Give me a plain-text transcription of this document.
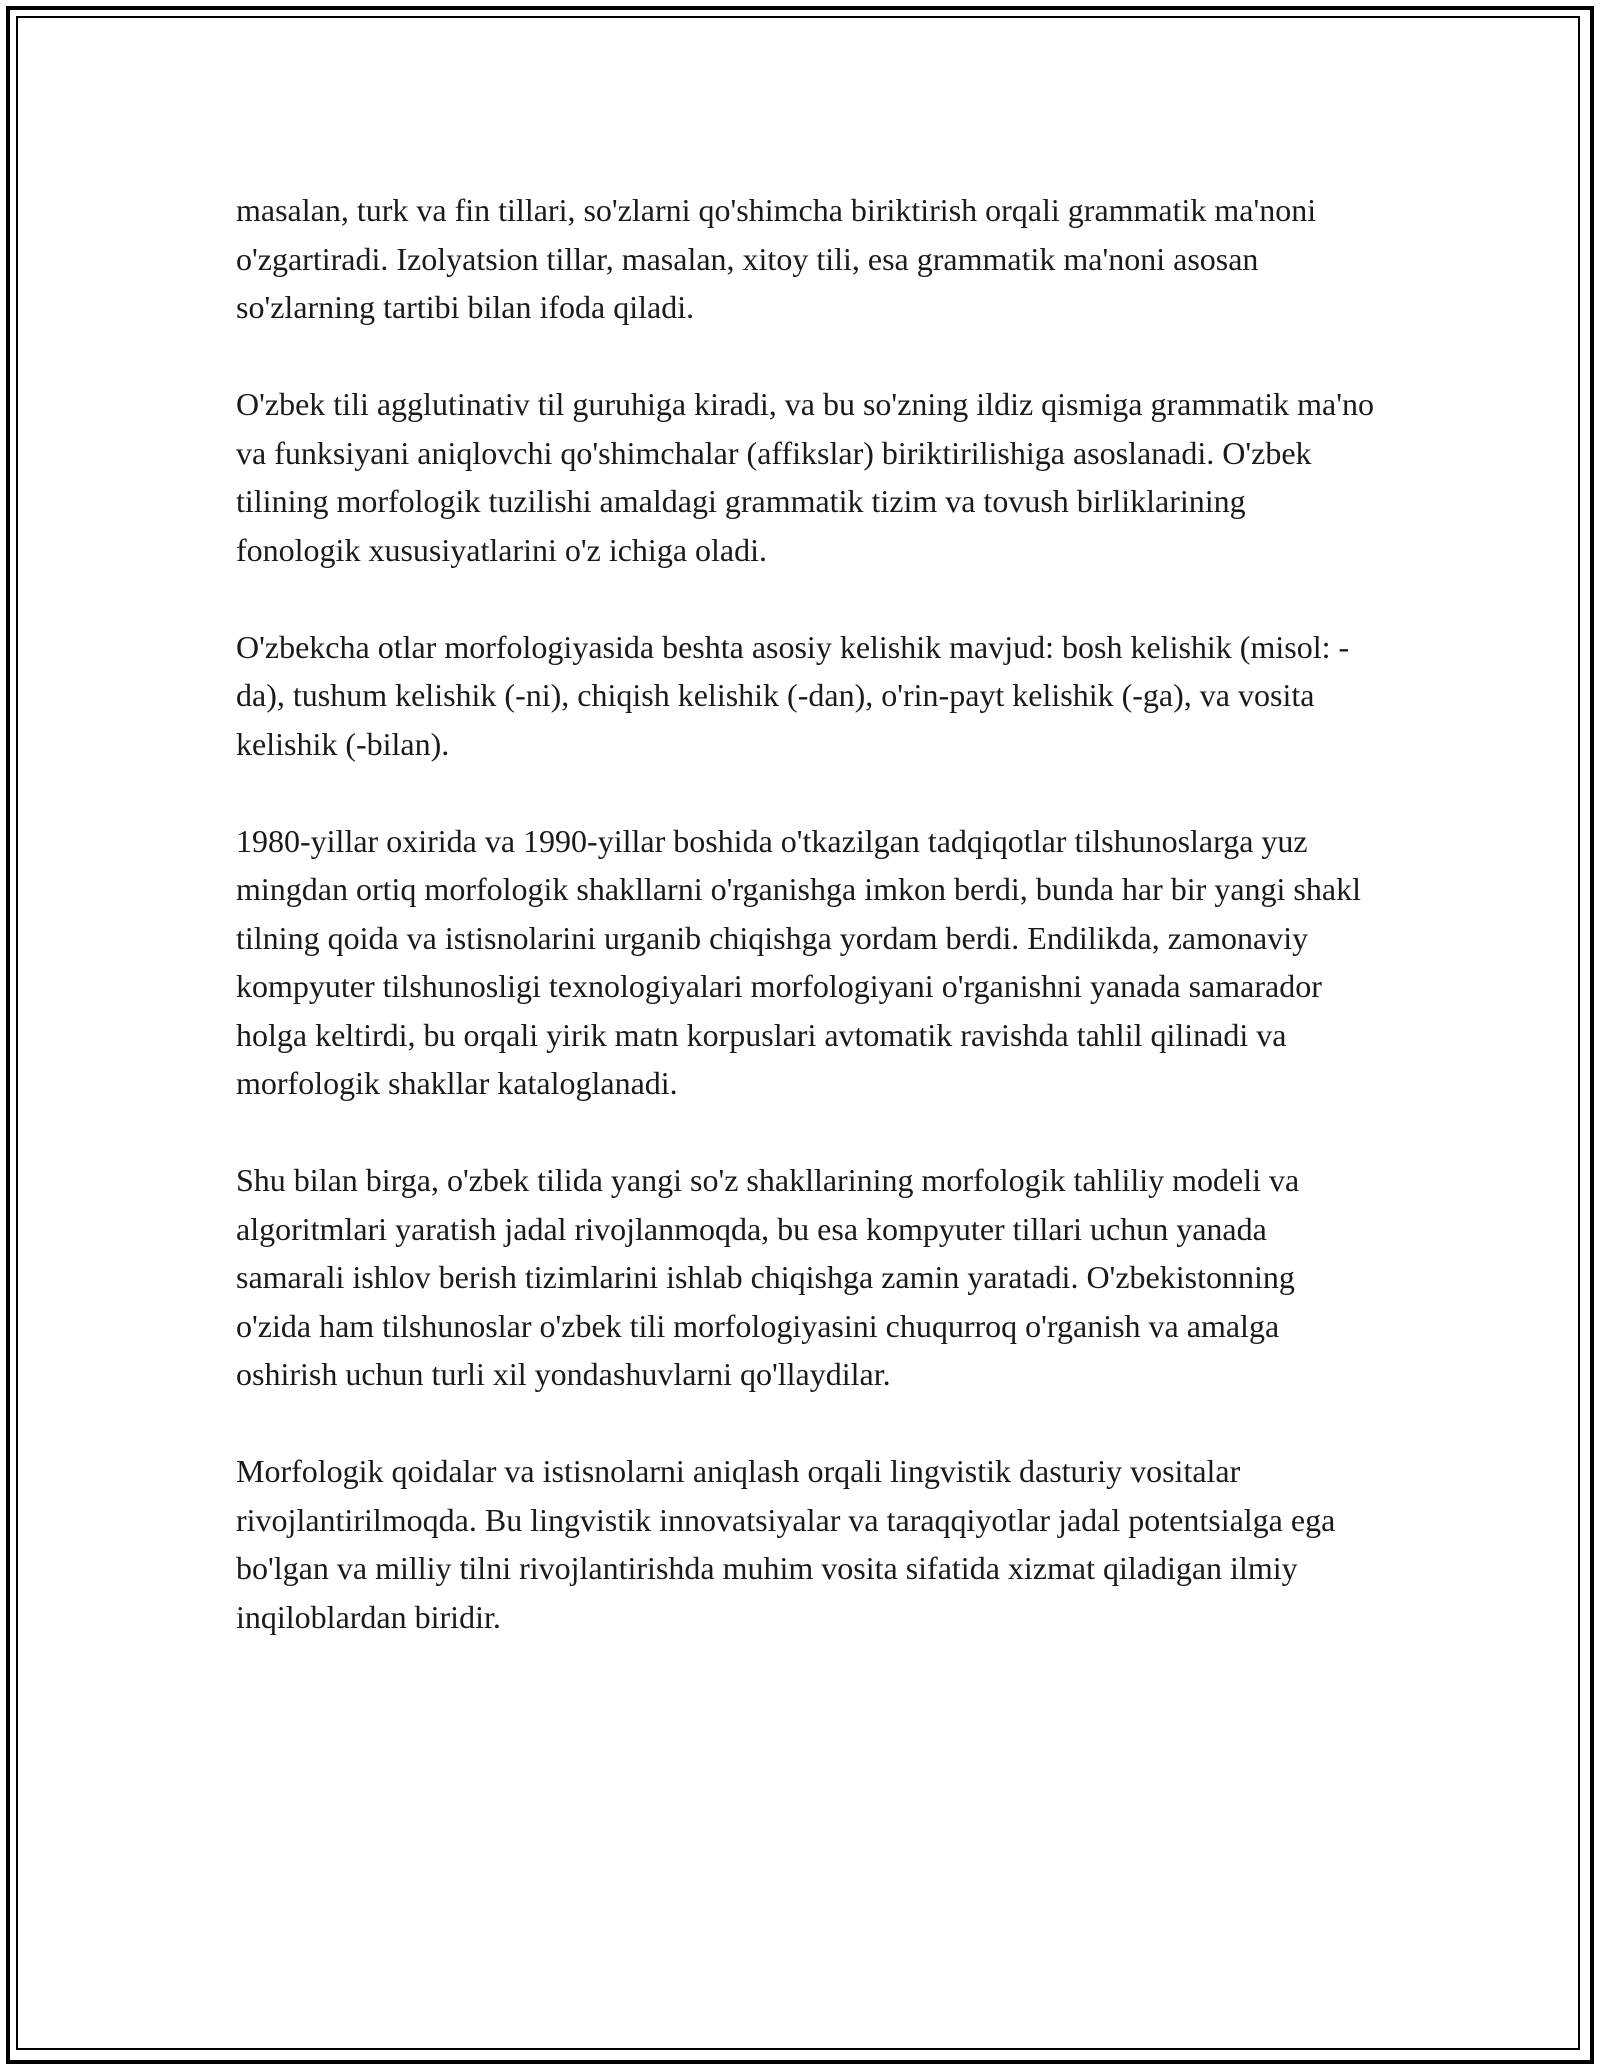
masalan, turk va fin tillari, so'zlarni qo'shimcha biriktirish orqali grammatik ma'noni o'zgartiradi. Izolyatsion tillar, masalan, xitoy tili, esa grammatik ma'noni asosan so'zlarning tartibi bilan ifoda qiladi.

O'zbek tili agglutinativ til guruhiga kiradi, va bu so'zning ildiz qismiga grammatik ma'no va funksiyani aniqlovchi qo'shimchalar (affikslar) biriktirilishiga asoslanadi. O'zbek tilining morfologik tuzilishi amaldagi grammatik tizim va tovush birliklarining fonologik xususiyatlarini o'z ichiga oladi.

O'zbekcha otlar morfologiyasida beshta asosiy kelishik mavjud: bosh kelishik (misol: -da), tushum kelishik (-ni), chiqish kelishik (-dan), o'rin-payt kelishik (-ga), va vosita kelishik (-bilan).

1980-yillar oxirida va 1990-yillar boshida o'tkazilgan tadqiqotlar tilshunoslarga yuz mingdan ortiq morfologik shakllarni o'rganishga imkon berdi, bunda har bir yangi shakl tilning qoida va istisnolarini urganib chiqishga yordam berdi. Endilikda, zamonaviy kompyuter tilshunosligi texnologiyalari morfologiyani o'rganishni yanada samarador holga keltirdi, bu orqali yirik matn korpuslari avtomatik ravishda tahlil qilinadi va morfologik shakllar kataloglanadi.

Shu bilan birga, o'zbek tilida yangi so'z shakllarining morfologik tahliliy modeli va algoritmlari yaratish jadal rivojlanmoqda, bu esa kompyuter tillari uchun yanada samarali ishlov berish tizimlarini ishlab chiqishga zamin yaratadi. O'zbekistonning o'zida ham tilshunoslar o'zbek tili morfologiyasini chuqurroq o'rganish va amalga oshirish uchun turli xil yondashuvlarni qo'llaydilar.

Morfologik qoidalar va istisnolarni aniqlash orqali lingvistik dasturiy vositalar rivojlantirilmoqda. Bu lingvistik innovatsiyalar va taraqqiyotlar jadal potentsialga ega bo'lgan va milliy tilni rivojlantirishda muhim vosita sifatida xizmat qiladigan ilmiy inqiloblardan biridir.
